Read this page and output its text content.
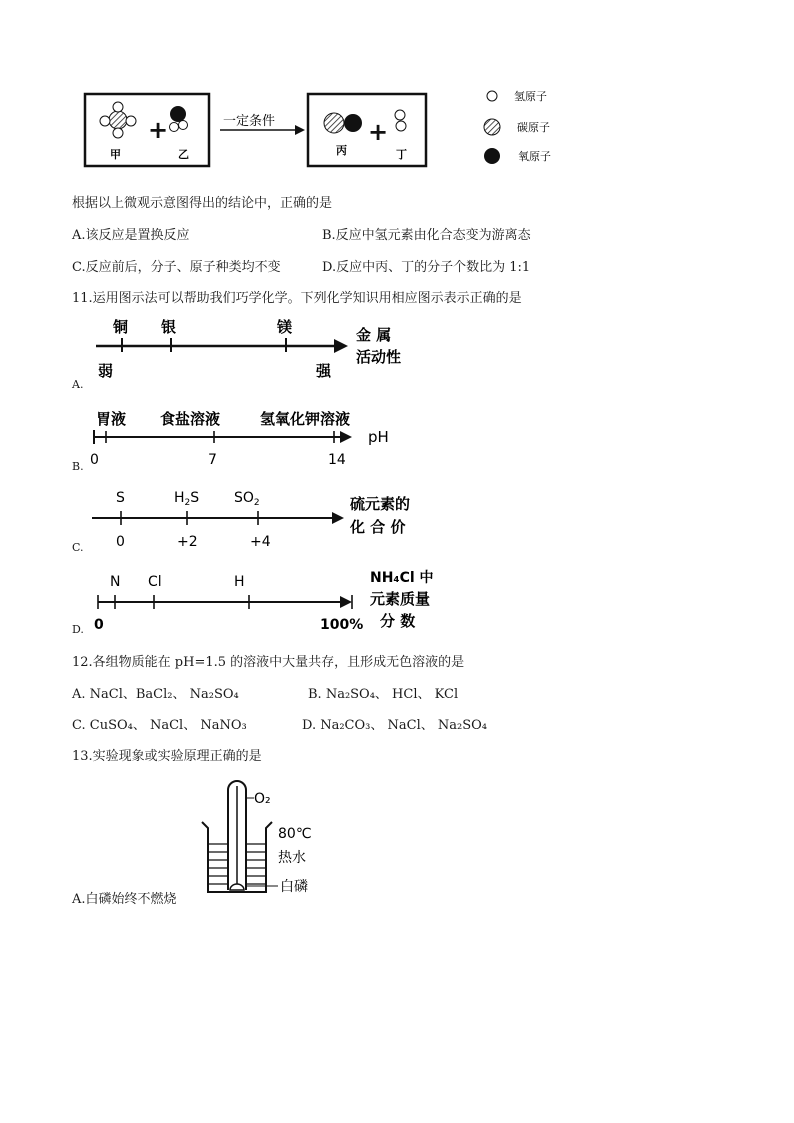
+
甲	乙
一定条件	+
丙	丁
氢原子
碳原子
氧原子
根据以上微观示意图得出的结论中，正确的是
A.该反应是置换反应	B.反应中氢元素由化合态变为游离态
C.反应前后，分子、原子种类均不变	D.反应中丙、丁的分子个数比为 1:1
11.运用图示法可以帮助我们巧学化学。下列化学知识用相应图示表示正确的是
A.
铜 银	镁
弱	强
金 属
活动性
B.
胃液 食盐溶液	氢氧化钾溶液
0	7	14
pH
C.
S	$H_2S$ $SO_2$
0	+2	+4
硫元素的
化 合 价
D.
N Cl	H
0	100%
NH₄Cl 中
元素质量
分 数
12.各组物质能在 pH=1.5 的溶液中大量共存，且形成无色溶液的是
A. NaCl、BaCl₂、 Na₂SO₄	B. Na₂SO₄、 HCl、 KCl
C. CuSO₄、 NaCl、 NaNO₃	D. Na₂CO₃、 NaCl、 Na₂SO₄
13.实验现象或实验原理正确的是
A.白磷始终不燃烧
O₂
80℃
热水
白磷
